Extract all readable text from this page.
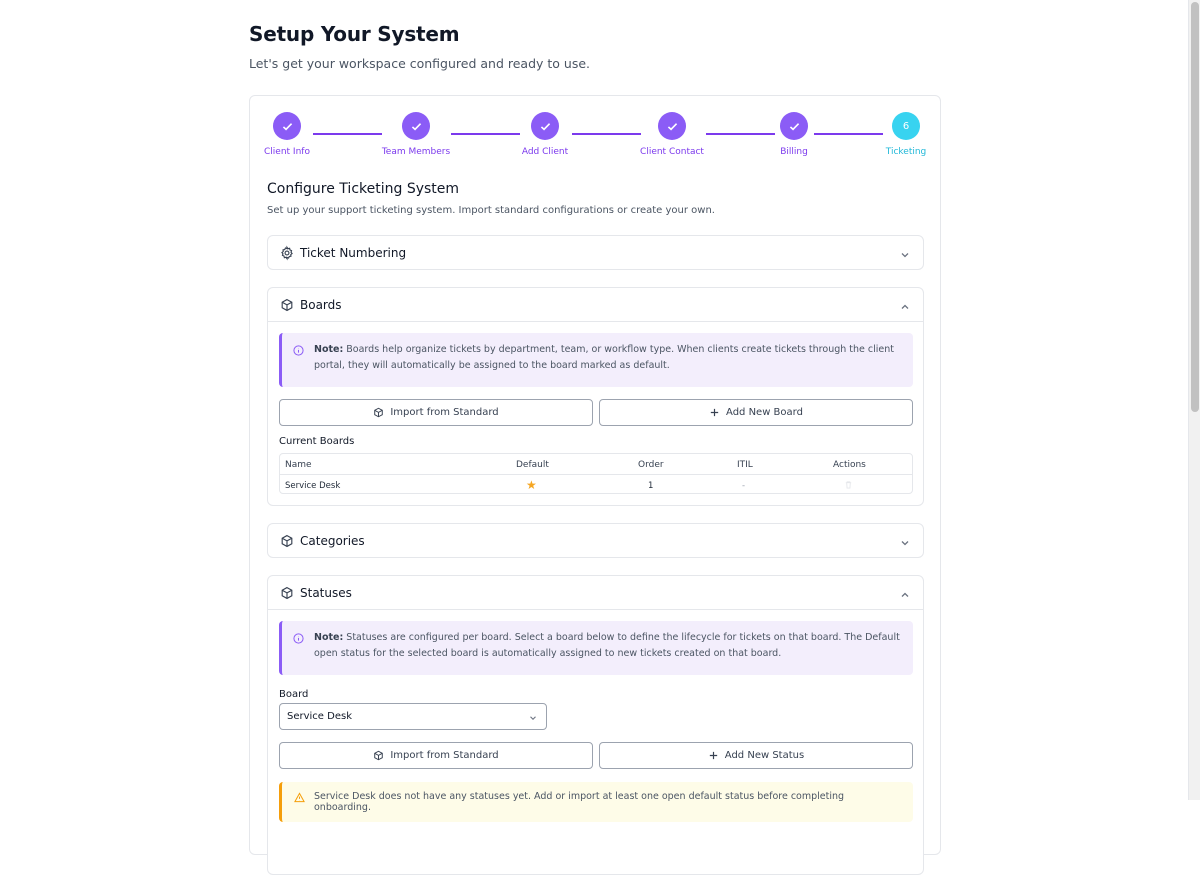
Setup Your System

Let's get your workspace configured and ready to use.

Client Info	Team Members	Add Client	Client Contact	Billing
6
Ticketing
Configure Ticketing System
Set up your support ticketing system. Import standard configurations or create your own.
Ticket Numbering
Boards
Note: Boards help organize tickets by department, team, or workflow type. When clients create tickets through the client portal, they will automatically be assigned to the board marked as default.
Import from Standard	Add New Board
Current Boards
Name	Default	Order	ITIL	Actions
Service Desk	★	1	-
Categories
Statuses
Note: Statuses are configured per board. Select a board below to define the lifecycle for tickets on that board. The Default open status for the selected board is automatically assigned to new tickets created on that board.
Board
Service Desk
Import from Standard	Add New Status
Service Desk does not have any statuses yet. Add or import at least one open default status before completing onboarding.
